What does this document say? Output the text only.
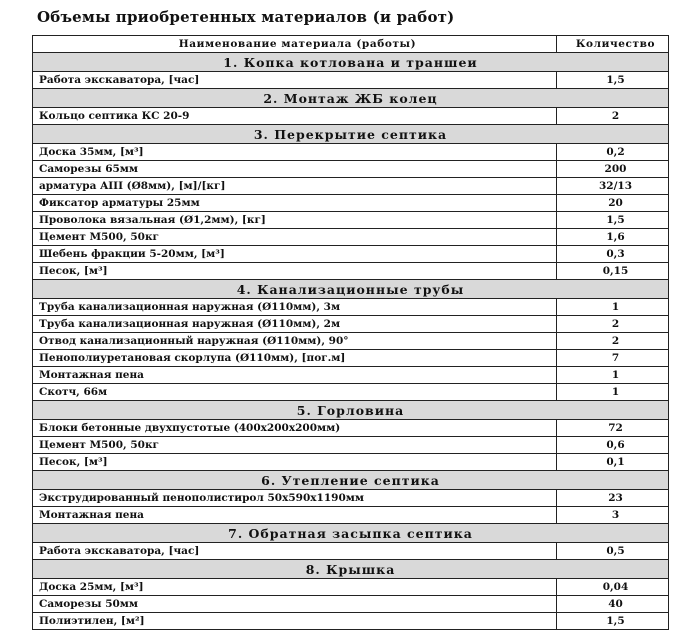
Объемы приобретенных материалов (и работ)
Наименование материала (работы)	Количество
1. Копка котлована и траншеи	
Работа экскаватора, [час]	1,5
2. Монтаж ЖБ колец	
Кольцо септика КС 20-9	2
3. Перекрытие септика	
Доска 35мм, [м³]	0,2
Саморезы 65мм	200
арматура AIII (Ø8мм), [м]/[кг]	32/13
Фиксатор арматуры 25мм	20
Проволока вязальная (Ø1,2мм), [кг]	1,5
Цемент М500, 50кг	1,6
Шебень фракции 5-20мм, [м³]	0,3
Песок, [м³]	0,15
4. Канализационные трубы	
Труба канализационная наружная (Ø110мм), 3м	1
Труба канализационная наружная (Ø110мм), 2м	2
Отвод канализационный наружная (Ø110мм), 90°	2
Пенополиуретановая скорлупа (Ø110мм), [пог.м]	7
Монтажная пена	1
Скотч, 66м	1
5. Горловина	
Блоки бетонные двухпустотые (400x200x200мм)	72
Цемент М500, 50кг	0,6
Песок, [м³]	0,1
6. Утепление септика	
Экструдированный пенополистирол 50x590x1190мм	23
Монтажная пена	3
7. Обратная засыпка септика	
Работа экскаватора, [час]	0,5
8. Крышка	
Доска 25мм, [м³]	0,04
Саморезы 50мм	40
Полиэтилен, [м²]	1,5
